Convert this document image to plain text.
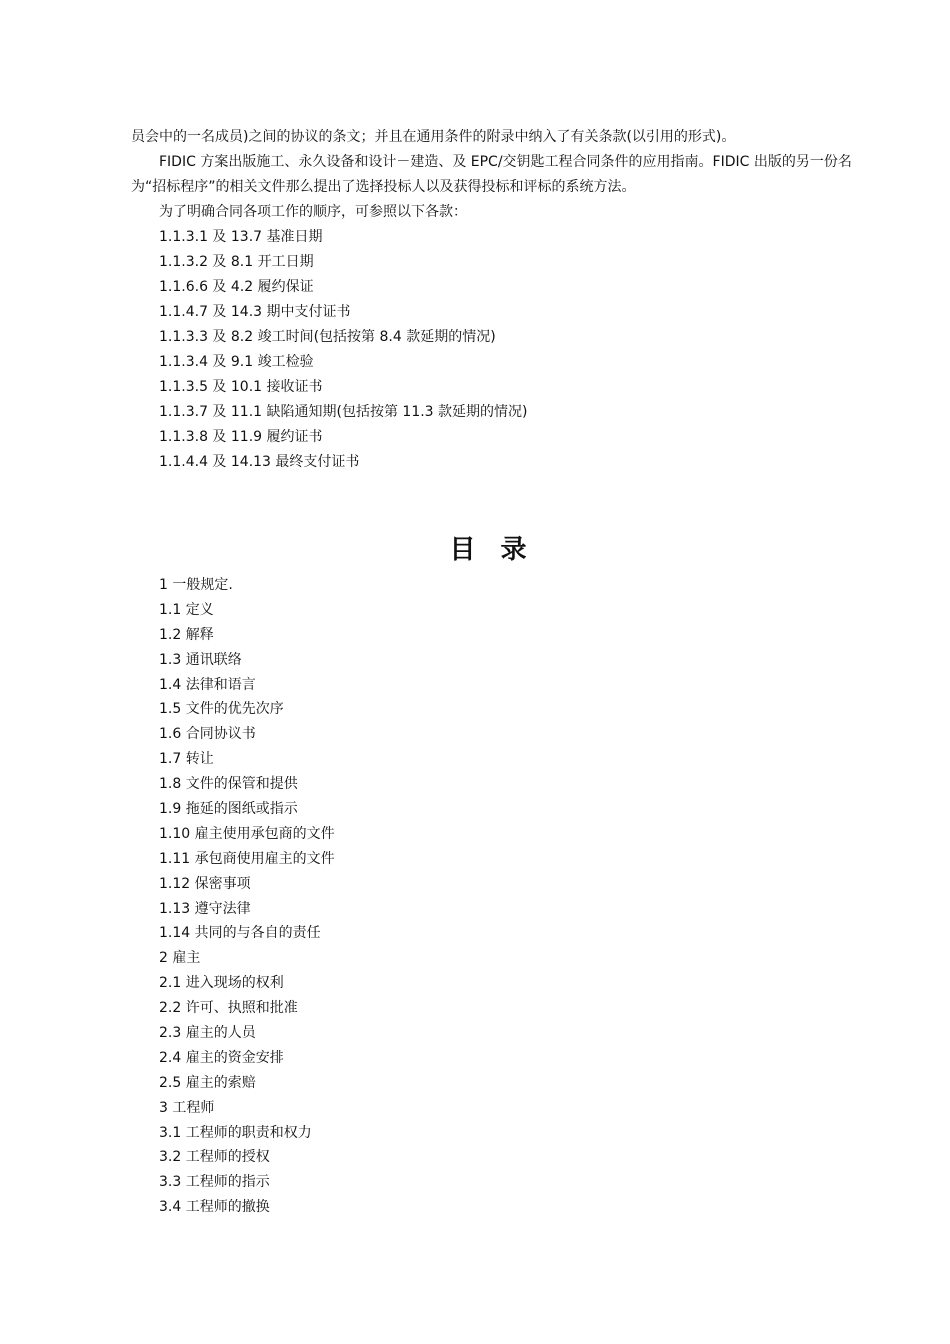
员会中的一名成员)之间的协议的条文；并且在通用条件的附录中纳入了有关条款(以引用的形式)。

FIDIC 方案出版施工、永久设备和设计－建造、及 EPC/交钥匙工程合同条件的应用指南。FIDIC 出版的另一份名为“招标程序”的相关文件那么提出了选择投标人以及获得投标和评标的系统方法。

为了明确合同各项工作的顺序，可参照以下各款：

1.1.3.1 及 13.7 基准日期
1.1.3.2 及 8.1 开工日期
1.1.6.6 及 4.2 履约保证
1.1.4.7 及 14.3 期中支付证书
1.1.3.3 及 8.2 竣工时间(包括按第 8.4 款延期的情况)
1.1.3.4 及 9.1 竣工检验
1.1.3.5 及 10.1 接收证书
1.1.3.7 及 11.1 缺陷通知期(包括按第 11.3 款延期的情况)
1.1.3.8 及 11.9 履约证书
1.1.4.4 及 14.13 最终支付证书
目 录
1 一般规定.
1.1 定义
1.2 解释
1.3 通讯联络
1.4 法律和语言
1.5 文件的优先次序
1.6 合同协议书
1.7 转让
1.8 文件的保管和提供
1.9 拖延的图纸或指示
1.10 雇主使用承包商的文件
1.11 承包商使用雇主的文件
1.12 保密事项
1.13 遵守法律
1.14 共同的与各自的责任
2 雇主
2.1 进入现场的权利
2.2 许可、执照和批准
2.3 雇主的人员
2.4 雇主的资金安排
2.5 雇主的索赔
3 工程师
3.1 工程师的职责和权力
3.2 工程师的授权
3.3 工程师的指示
3.4 工程师的撤换
